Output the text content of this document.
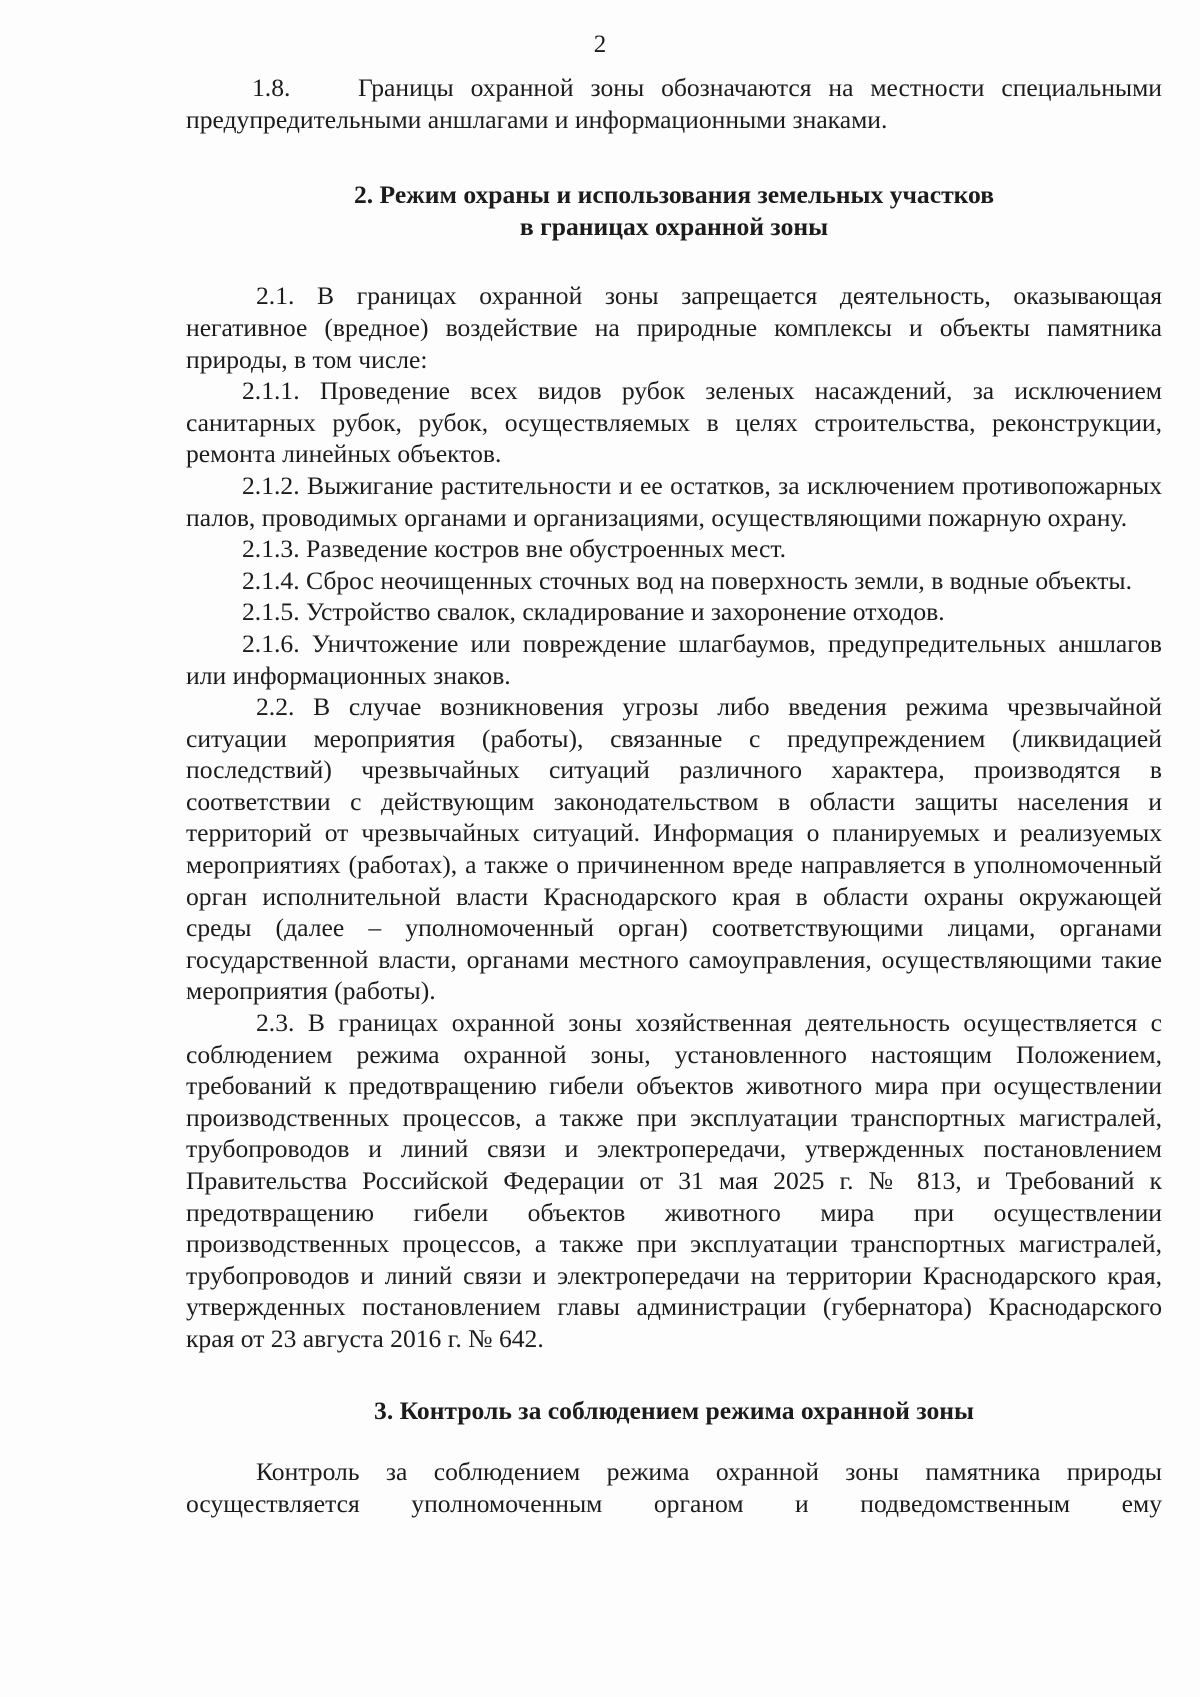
2

1.8.	Границы охранной зоны обозначаются на местности специальными предупредительными аншлагами и информационными знаками.

2. Режим охраны и использования земельных участков

в границах охранной зоны

2.1. В границах охранной зоны запрещается деятельность, оказывающая негативное (вредное) воздействие на природные комплексы и объекты памятника природы, в том числе:

2.1.1. Проведение всех видов рубок зеленых насаждений, за исключением санитарных рубок, рубок, осуществляемых в целях строительства, реконструкции, ремонта линейных объектов.

2.1.2. Выжигание растительности и ее остатков, за исключением противопожарных палов, проводимых органами и организациями, осуществляющими пожарную охрану.

2.1.3. Разведение костров вне обустроенных мест.

2.1.4. Сброс неочищенных сточных вод на поверхность земли, в водные объекты.

2.1.5. Устройство свалок, складирование и захоронение отходов.

2.1.6. Уничтожение или повреждение шлагбаумов, предупредительных аншлагов или информационных знаков.

2.2. В случае возникновения угрозы либо введения режима чрезвычайной ситуации мероприятия (работы), связанные с предупреждением (ликвидацией последствий) чрезвычайных ситуаций различного характера, производятся в соответствии с действующим законодательством в области защиты населения и территорий от чрезвычайных ситуаций. Информация о планируемых и реализуемых мероприятиях (работах), а также о причиненном вреде направляется в уполномоченный орган исполнительной власти Краснодарского края в области охраны окружающей среды (далее – уполномоченный орган) соответствующими лицами, органами государственной власти, органами местного самоуправления, осуществляющими такие мероприятия (работы).

2.3. В границах охранной зоны хозяйственная деятельность осуществляется с соблюдением режима охранной зоны, установленного настоящим Положением, требований к предотвращению гибели объектов животного мира при осуществлении производственных процессов, а также при эксплуатации транспортных магистралей, трубопроводов и линий связи и электропередачи, утвержденных постановлением Правительства Российской Федерации от 31 мая 2025 г. № 813, и Требований к предотвращению гибели объектов животного мира при осуществлении производственных процессов, а также при эксплуатации транспортных магистралей, трубопроводов и линий связи и электропередачи на территории Краснодарского края, утвержденных постановлением главы администрации (губернатора) Краснодарского края от 23 августа 2016 г. № 642.

3. Контроль за соблюдением режима охранной зоны

Контроль за соблюдением режима охранной зоны памятника природы осуществляется уполномоченным органом и подведомственным ему
